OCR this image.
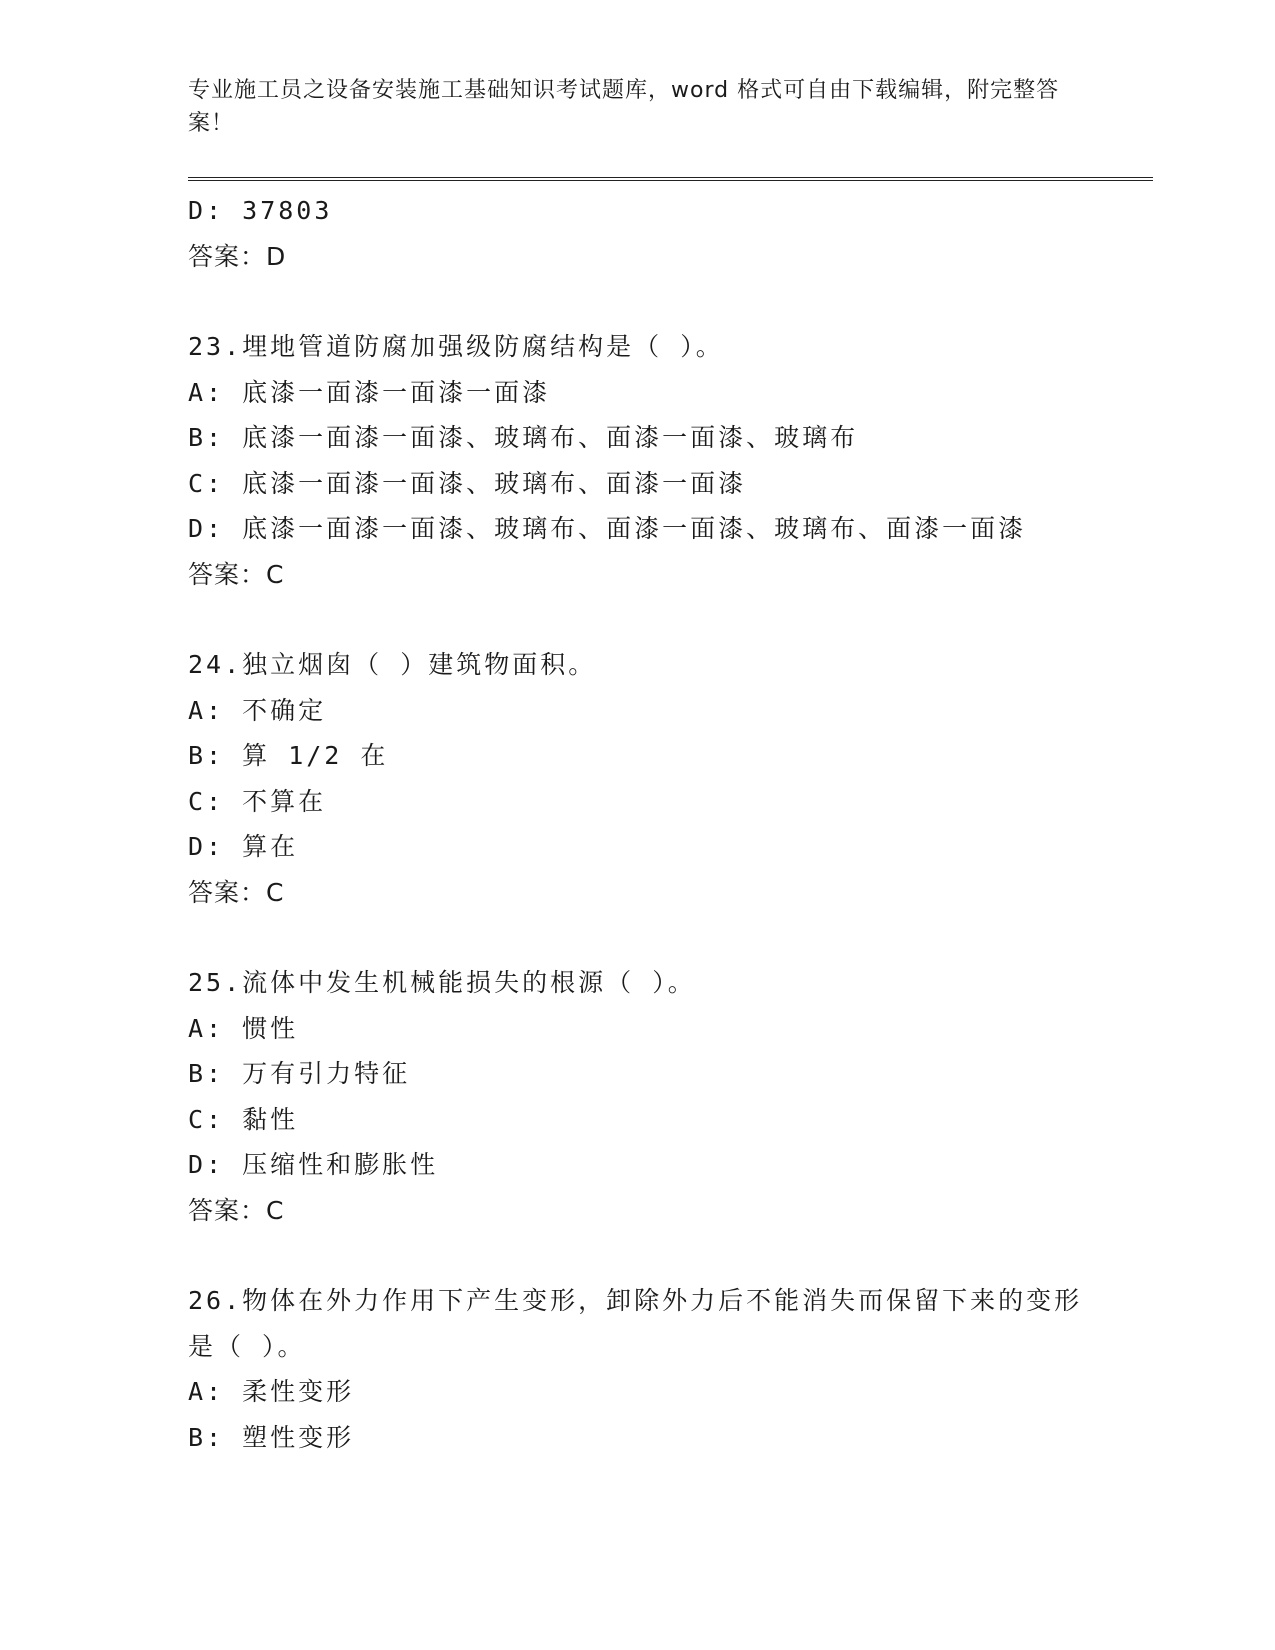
专业施工员之设备安装施工基础知识考试题库，word 格式可自由下载编辑，附完整答案！
D: 37803
答案：D
23.埋地管道防腐加强级防腐结构是（ ）。
A: 底漆一面漆一面漆一面漆
B: 底漆一面漆一面漆、玻璃布、面漆一面漆、玻璃布
C: 底漆一面漆一面漆、玻璃布、面漆一面漆
D: 底漆一面漆一面漆、玻璃布、面漆一面漆、玻璃布、面漆一面漆
答案：C
24.独立烟囱（ ）建筑物面积。
A: 不确定
B: 算 1/2 在
C: 不算在
D: 算在
答案：C
25.流体中发生机械能损失的根源（ ）。
A: 惯性
B: 万有引力特征
C: 黏性
D: 压缩性和膨胀性
答案：C
26.物体在外力作用下产生变形，卸除外力后不能消失而保留下来的变形是（ ）。
A: 柔性变形
B: 塑性变形
